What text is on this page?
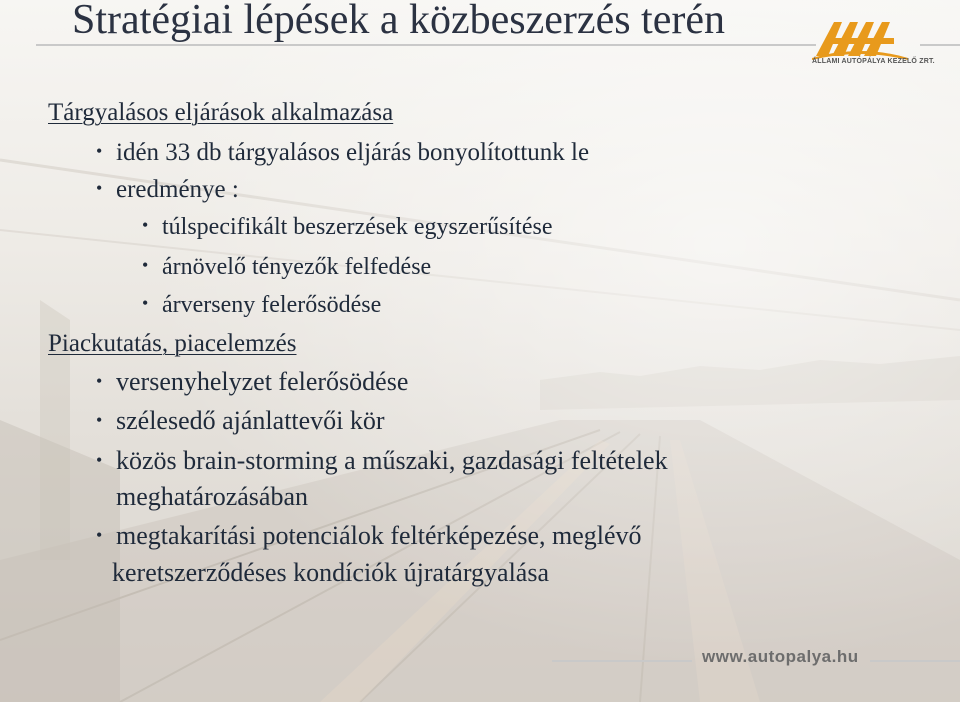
Stratégiai lépések a közbeszerzés terén
ÁLLAMI AUTÓPÁLYA KEZELŐ ZRT.
Tárgyalásos eljárások alkalmazása
• idén 33 db tárgyalásos eljárás bonyolítottunk le
• eredménye :
• túlspecifikált beszerzések egyszerűsítése
• árnövelő tényezők felfedése
• árverseny felerősödése
Piackutatás, piacelemzés
• versenyhelyzet felerősödése
• szélesedő ajánlattevői kör
• közös brain-storming a műszaki, gazdasági feltételek
meghatározásában
• megtakarítási potenciálok feltérképezése, meglévő
keretszerződéses kondíciók újratárgyalása
www.autopalya.hu
